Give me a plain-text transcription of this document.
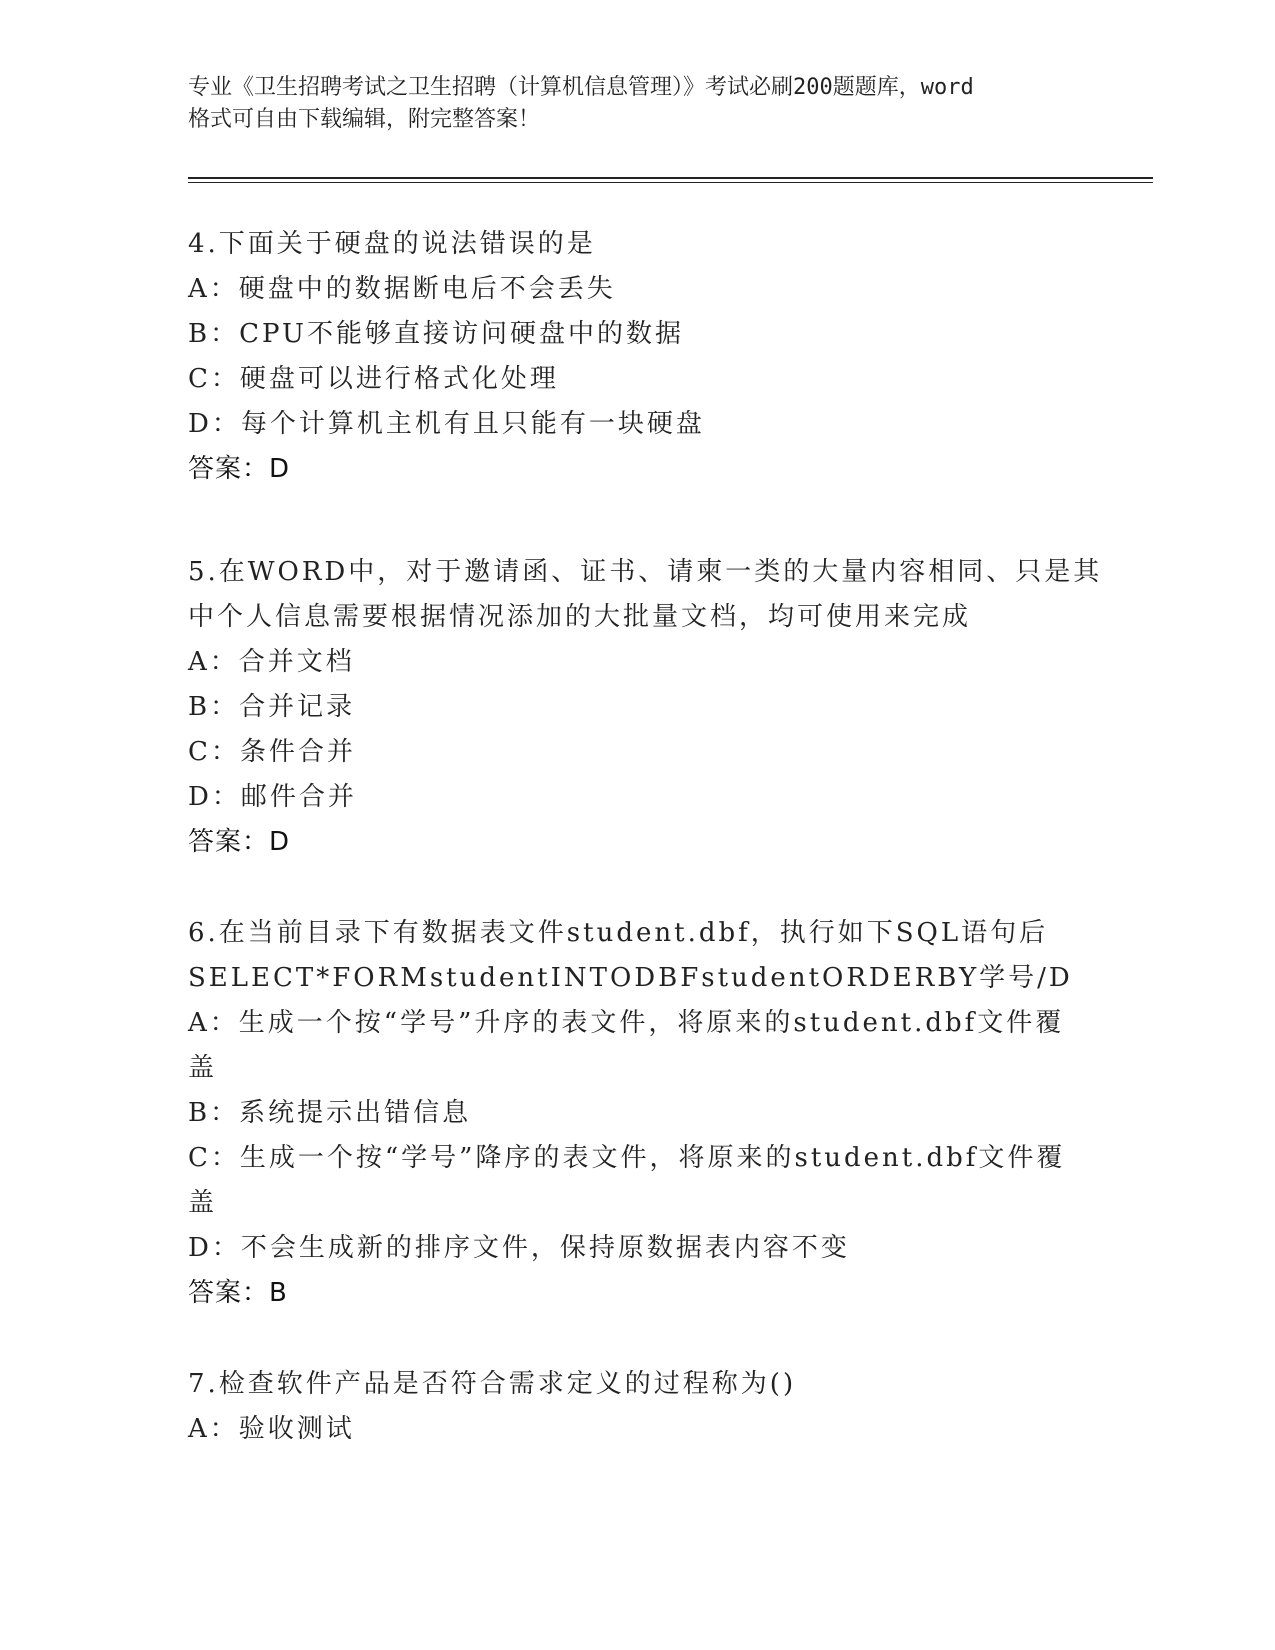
专业《卫生招聘考试之卫生招聘（计算机信息管理）》考试必刷200题题库，word
格式可自由下载编辑，附完整答案！
4.下面关于硬盘的说法错误的是
A：硬盘中的数据断电后不会丢失
B：CPU不能够直接访问硬盘中的数据
C：硬盘可以进行格式化处理
D：每个计算机主机有且只能有一块硬盘
答案：D
5.在WORD中，对于邀请函、证书、请柬一类的大量内容相同、只是其
中个人信息需要根据情况添加的大批量文档，均可使用来完成
A：合并文档
B：合并记录
C：条件合并
D：邮件合并
答案：D
6.在当前目录下有数据表文件student.dbf，执行如下SQL语句后
SELECT*FORMstudentINTODBFstudentORDERBY学号/D
A：生成一个按“学号”升序的表文件，将原来的student.dbf文件覆
盖
B：系统提示出错信息
C：生成一个按“学号”降序的表文件，将原来的student.dbf文件覆
盖
D：不会生成新的排序文件，保持原数据表内容不变
答案：B
7.检查软件产品是否符合需求定义的过程称为()
A：验收测试
